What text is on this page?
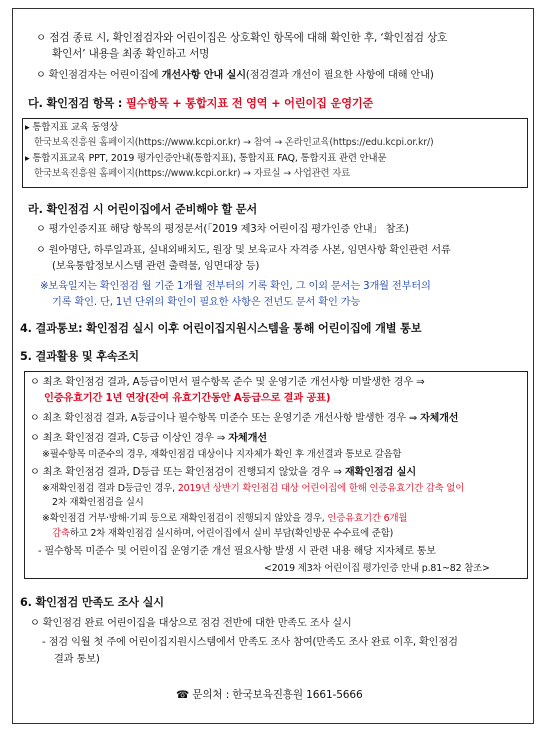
ㅇ 점검 종료 시, 확인점검자와 어린이집은 상호확인 항목에 대해 확인한 후, ‘확인점검 상호
확인서’ 내용을 최종 확인하고 서명
ㅇ 확인점검자는 어린이집에 개선사항 안내 실시(점검결과 개선이 필요한 사항에 대해 안내)
다. 확인점검 항목 : 필수항목 + 통합지표 전 영역 + 어린이집 운영기준
▸ 통합지표 교육 동영상
한국보육진흥원 홈페이지(https://www.kcpi.or.kr) → 참여 → 온라인교육(https://edu.kcpi.or.kr/)
▸ 통합지표교육 PPT, 2019 평가인증안내(통합지표), 통합지표 FAQ, 통합지표 관련 안내문
한국보육진흥원 홈페이지(https://www.kcpi.or.kr) → 자료실 → 사업관련 자료
라. 확인점검 시 어린이집에서 준비해야 할 문서
ㅇ 평가인증지표 해당 항목의 평정문서(「2019 제3차 어린이집 평가인증 안내」 참조)
ㅇ 원아명단, 하루일과표, 실내외배치도, 원장 및 보육교사 자격증 사본, 임면사항 확인관련 서류
(보육통합정보시스템 관련 출력물, 임면대장 등)
※보육일지는 확인점검 월 기준 1개월 전부터의 기록 확인, 그 이외 문서는 3개월 전부터의
기록 확인. 단, 1년 단위의 확인이 필요한 사항은 전년도 문서 확인 가능
4. 결과통보: 확인점검 실시 이후 어린이집지원시스템을 통해 어린이집에 개별 통보
5. 결과활용 및 후속조치
ㅇ 최초 확인점검 결과, A등급이면서 필수항목 준수 및 운영기준 개선사항 미발생한 경우 ⇒
인증유효기간 1년 연장(잔여 유효기간동안 A등급으로 결과 공표)
ㅇ 최초 확인점검 결과, A등급이나 필수항목 미준수 또는 운영기준 개선사항 발생한 경우 ⇒ 자체개선
ㅇ 최초 확인점검 결과, C등급 이상인 경우 ⇒ 자체개선
※필수항목 미준수의 경우, 재확인점검 대상이나 지자체가 확인 후 개선결과 통보로 갈음함
ㅇ 최초 확인점검 결과, D등급 또는 확인점검이 진행되지 않았을 경우 ⇒ 재확인점검 실시
※재확인점검 결과 D등급인 경우, 2019년 상반기 확인점검 대상 어린이집에 한해 인증유효기간 감축 없이
2차 재확인점검을 실시
※확인점검 거부·방해·기피 등으로 재확인점검이 진행되지 않았을 경우, 인증유효기간 6개월
감축하고 2차 재확인점검 실시하며, 어린이집에서 실비 부담(확인방문 수수료에 준함)
- 필수항목 미준수 및 어린이집 운영기준 개선 필요사항 발생 시 관련 내용 해당 지자체로 통보
<2019 제3차 어린이집 평가인증 안내 p.81~82 참조>
6. 확인점검 만족도 조사 실시
ㅇ 확인점검 완료 어린이집을 대상으로 점검 전반에 대한 만족도 조사 실시
- 점검 익월 첫 주에 어린이집지원시스템에서 만족도 조사 참여(만족도 조사 완료 이후, 확인점검
결과 통보)
☎ 문의처 : 한국보육진흥원 1661-5666
